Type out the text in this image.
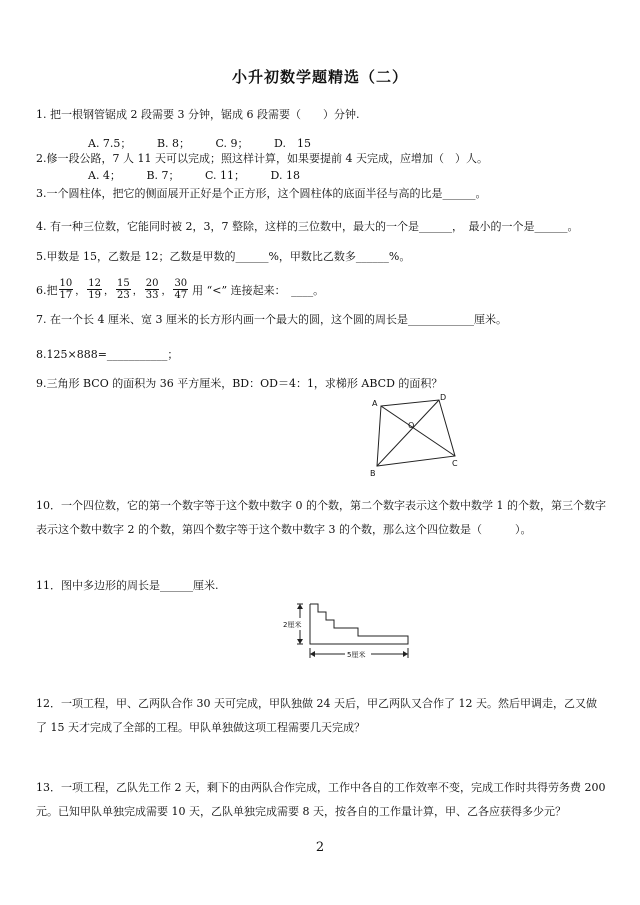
小升初数学题精选（二）
1. 把一根钢管锯成 2 段需要 3 分钟，锯成 6 段需要（　　）分钟.
A. 7.5； B. 8； C. 9； D.　15
2.修一段公路，7 人 11 天可以完成；照这样计算，如果要提前 4 天完成，应增加（　）人。
A. 4； B. 7； C. 11； D. 18
3.一个圆柱体，把它的侧面展开正好是个正方形，这个圆柱体的底面半径与高的比是______。
4. 有一种三位数，它能同时被 2，3，7 整除，这样的三位数中，最大的一个是______，　最小的一个是______。
5.甲数是 15，乙数是 12；乙数是甲数的______%，甲数比乙数多______%。
6.把 $\frac{10}{17}$ ， $\frac{12}{19}$ ， $\frac{15}{23}$ ， $\frac{20}{33}$ ， $\frac{30}{47}$ 用 “<” 连接起来：　____。
7. 在一个长 4 厘米、宽 3 厘米的长方形内画一个最大的圆，这个圆的周长是____________厘米。
8.125×888=___________；
9.三角形 BCO 的面积为 36 平方厘米，BD：OD＝4：1，求梯形 ABCD 的面积？
A
D
O
B
C
10．一个四位数，它的第一个数字等于这个数中数字 0 的个数，第二个数字表示这个数中数学 1 的个数，第三个数字表示这个数中数字 2 的个数，第四个数字等于这个数中数字 3 的个数，那么这个四位数是（　　　）。
11．图中多边形的周长是______厘米.
2厘米
5厘米
12．一项工程，甲、乙两队合作 30 天可完成，甲队独做 24 天后，甲乙两队又合作了 12 天。然后甲调走，乙又做了 15 天才完成了全部的工程。甲队单独做这项工程需要几天完成？
13．一项工程，乙队先工作 2 天，剩下的由两队合作完成，工作中各自的工作效率不变，完成工作时共得劳务费 200 元。已知甲队单独完成需要 10 天，乙队单独完成需要 8 天，按各自的工作量计算，甲、乙各应获得多少元？
2
